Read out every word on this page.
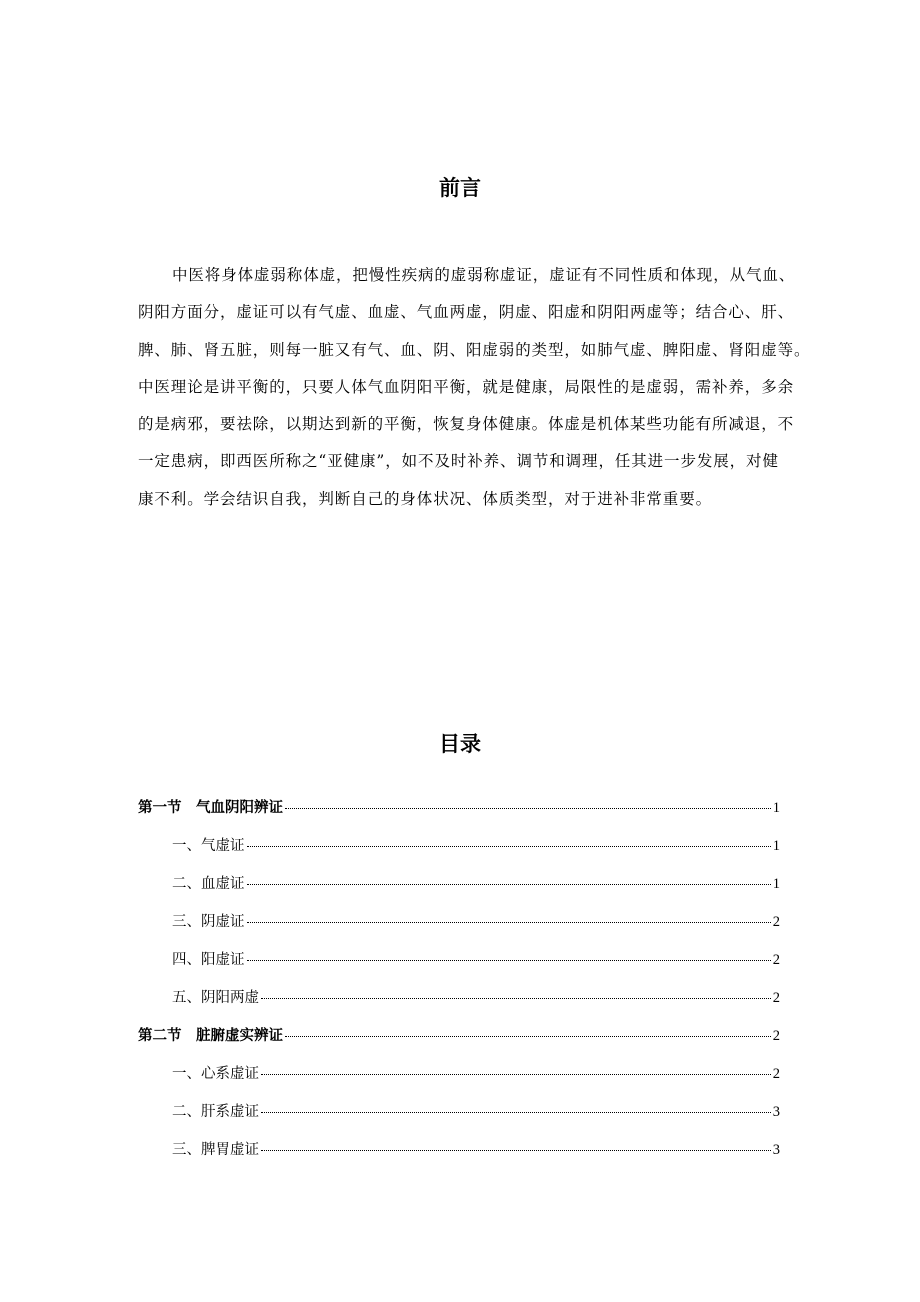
前言
中医将身体虚弱称体虚，把慢性疾病的虚弱称虚证，虚证有不同性质和体现，从气血、
阴阳方面分，虚证可以有气虚、血虚、气血两虚，阴虚、阳虚和阴阳两虚等；结合心、肝、
脾、肺、肾五脏，则每一脏又有气、血、阴、阳虚弱的类型，如肺气虚、脾阳虚、肾阳虚等。
中医理论是讲平衡的，只要人体气血阴阳平衡，就是健康，局限性的是虚弱，需补养，多余
的是病邪，要祛除，以期达到新的平衡，恢复身体健康。体虚是机体某些功能有所减退，不
一定患病，即西医所称之“亚健康”，如不及时补养、调节和调理，任其进一步发展，对健
康不利。学会结识自我，判断自己的身体状况、体质类型，对于进补非常重要。
目录
第一节　气血阴阳辨证	1
一、气虚证	1
二、血虚证	1
三、阴虚证	2
四、阳虚证	2
五、阴阳两虚	2
第二节　脏腑虚实辨证	2
一、心系虚证	2
二、肝系虚证	3
三、脾胃虚证	3
